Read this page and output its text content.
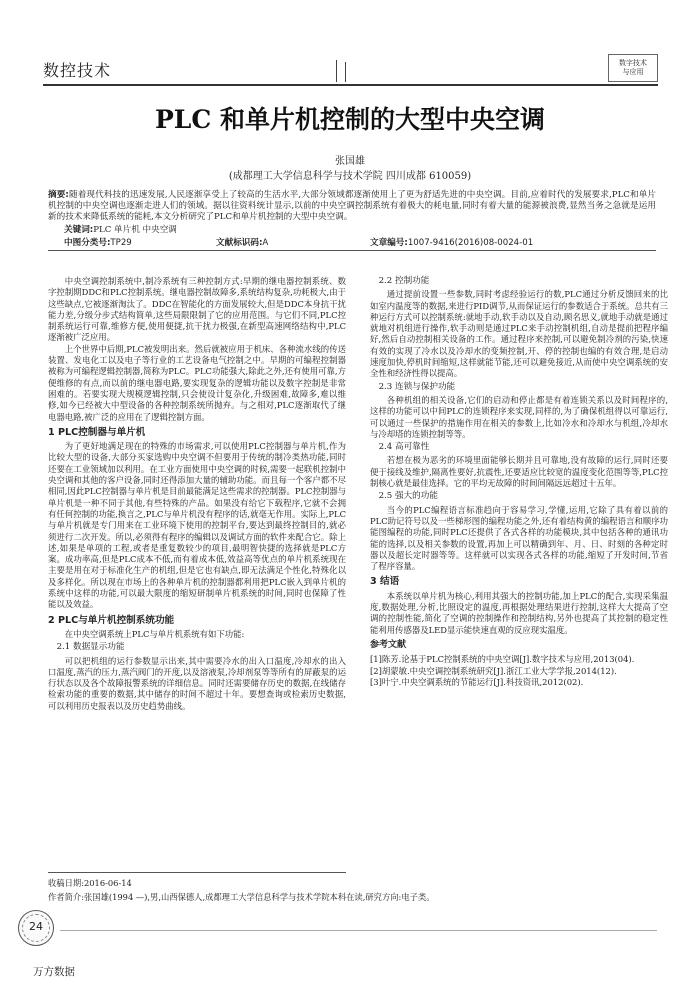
数控技术	数字技术
与应用
PLC 和单片机控制的大型中央空调
张国雄
(成都理工大学信息科学与技术学院 四川成都 610059)
摘要:随着现代科技的迅速发展,人民逐渐享受上了较高的生活水平,大部分领域都逐渐使用上了更为舒适先进的中央空调。目前,应着时代的发展要求,PLC和单片机控制的中央空调也逐渐走进人们的领域。据以往资料统计显示,以前的中央空调控制系统有着极大的耗电量,同时有着大量的能源被浪费,显然当务之急就是运用新的技术来降低系统的能耗,本文分析研究了PLC和单片机控制的大型中央空调。
关键词:PLC 单片机 中央空调
中图分类号:TP29	文献标识码:A	文章编号:1007-9416(2016)08-0024-01

中央空调控制系统中,制冷系统有三种控制方式:早期的继电器控制系统、数字控制期DDC和PLC控制系统。继电器控制故障多,系统结构复杂,功耗极大,由于这些缺点,它被逐渐淘汰了。DDC在智能化的方面发展较大,但是DDC本身抗干扰能力差,分级分步式结构简单,这些局限限制了它的应用范围。与它们不同,PLC控制系统运行可靠,维修方便,使用便捷,抗干扰力极强,在新型高速网络结构中,PLC逐渐被广泛应用。

上个世界中后期,PLC被发明出来。然后就被应用于机床、各种流水线的传送装置、发电化工以及电子等行业的工艺设备电气控制之中。早期的可编程控制器被称为可编程逻辑控制器,简称为PLC。PLC功能强大,除此之外,还有使用可靠,方便维修的有点,而以前的继电器电路,要实现复杂的逻辑功能以及数字控制是非常困难的。若要实现大规模逻辑控制,只会使设计复杂化,升级困难,故障多,难以维修,如今已经被大中型设备的各种控制系统所抛弃。与之相对,PLC逐渐取代了继电器电路,被广泛的应用在了逻辑控制方面。

1 PLC控制器与单片机

为了更好地满足现在的特殊的市场需求,可以使用PLC控制器与单片机,作为比较大型的设备,大部分买家选购中央空调不但要用于传统的制冷类热功能,同时还要在工业领域加以利用。在工业方面使用中央空调的时候,需要一起联机控制中央空调和其他的客户设备,同时还得添加大量的辅助功能。而且每一个客户都不尽相同,因此PLC控制器与单片机是目前最能满足这些需求的控制器。PLC控制器与单片机是一种不同于其他,有些特殊的产品。如果没有给它下载程序,它就不会拥有任何控制的功能,换言之,PLC与单片机没有程序的话,就毫无作用。实际上,PLC与单片机就是专门用来在工业环境下使用的控制平台,要达到最终控制目的,就必须进行二次开发。所以,必须得有程序的编辑以及调试方面的软件来配合它。除上述,如果是单项的工程,或者是重复数较少的项目,最明智快捷的选择就是PLC方案。成功率高,但是PLC成本不低,而有着成本低,效益高等优点的单片机系统现在主要是用在对于标准化生产的机组,但是它也有缺点,即无法满足个性化,特殊化以及多样化。所以现在市场上的各种单片机的控制器都利用把PLC嵌入到单片机的系统中这样的功能,可以最大限度的缩短研制单片机系统的时间,同时也保障了性能以及效益。

2 PLC与单片机控制系统功能

在中央空调系统上PLC与单片机系统有如下功能:

2.1 数据显示功能

可以把机组的运行参数显示出来,其中需要冷水的出入口温度,冷却水的出入口温度,蒸汽的压力,蒸汽阀门的开度,以及溶液泵,冷却剂泵等等所有的屏蔽泵的运行状态以及各个故障报警系统的详细信息。同时还需要储存历史的数据,在线储存检索功能的重要的数据,其中储存的时间不超过十年。要想查询或检索历史数据,可以利用历史报表以及历史趋势曲线。

2.2 控制功能

通过提前设置一些参数,同时考虑经验运行的数,PLC通过分析反馈回来的比如室内温度等的数据,来进行PID调节,从而保证运行的参数适合于系统。总共有三种运行方式可以控制系统:就地手动,软手动以及自动,顾名思义,就地手动就是通过就地对机组进行操作,软手动则是通过PLC来手动控制机组,自动是提前把程序编好,然后自动控制相关设备的工作。通过程序来控制,可以避免制冷剂的污染,快速有效的实现了冷水以及冷却水的变频控制,开、停的控制也编的有效合理,是启动速度加快,停机时间缩短,这样就能节能,还可以避免接近,从而使中央空调系统的安全性和经济性得以提高。

2.3 连锁与保护功能

各种机组的相关设备,它们的启动和停止都是有着连锁关系以及时间程序的,这样的功能可以中间PLC的连锁程序来实现,同样的,为了确保机组得以可靠运行,可以通过一些保护的措施作用在相关的参数上,比如冷水和冷却水与机组,冷却水与冷却塔的连锁控制等等。

2.4 高可靠性

若想在极为恶劣的环境里面能够长期并且可靠地,没有故障的运行,同时还要便于接线及维护,隔离性要好,抗震性,还要适应比较宽的温度变化范围等等,PLC控制核心就是最佳选择。它的平均无故障的时间间隔远远超过十五年。

2.5 强大的功能

当今的PLC编程语言标准趋向于容易学习,学懂,运用,它除了具有着以前的PLC助记符号以及一些梯形图的编程功能之外,还有着结构黄的编程语言和顺序功能图编程的功能,同时PLC还提供了各式各样的功能模块,其中包括各种的通讯功能的选择,以及相关参数的设置,再加上可以精确到年、月、日、时刻的各种定时器以及超长定时器等等。这样就可以实现各式各样的功能,缩短了开发时间,节省了程序容量。

3 结语

本系统以单片机为核心,利用其强大的控制功能,加上PLC的配合,实现采集温度,数据处理,分析,比照设定的温度,再根据处理结果进行控制,这样大大提高了空调的控制性能,简化了空调的控制操作和控制结构,另外也提高了其控制的稳定性能利用传感器及LED显示能快速直观的反应现实温度。

参考文献

[1]陈芳.论基于PLC控制系统的中央空调[J].数字技术与应用,2013(04).

[2]胡蒙敏.中央空调控制系统研究[J].浙江工业大学学报,2014(12).

[3]叶宁.中央空调系统的节能运行[J].科技资讯,2012(02).

收稿日期:2016-06-14
作者简介:张国雄(1994 —),男,山西保德人,成都理工大学信息科学与技术学院本科在读,研究方向:电子类。
24
万方数据
